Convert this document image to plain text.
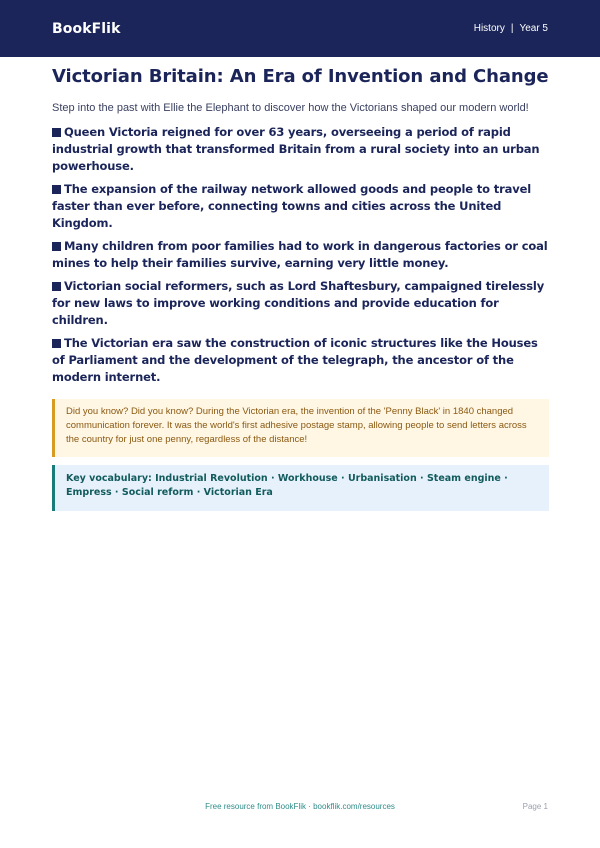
BookFlik	History | Year 5
Victorian Britain: An Era of Invention and Change

Step into the past with Ellie the Elephant to discover how the Victorians shaped our modern world!

Queen Victoria reigned for over 63 years, overseeing a period of rapid industrial growth that transformed Britain from a rural society into an urban powerhouse.
The expansion of the railway network allowed goods and people to travel faster than ever before, connecting towns and cities across the United Kingdom.
Many children from poor families had to work in dangerous factories or coal mines to help their families survive, earning very little money.
Victorian social reformers, such as Lord Shaftesbury, campaigned tirelessly for new laws to improve working conditions and provide education for children.
The Victorian era saw the construction of iconic structures like the Houses of Parliament and the development of the telegraph, the ancestor of the modern internet.
Did you know? Did you know? During the Victorian era, the invention of the 'Penny Black' in 1840 changed communication forever. It was the world's first adhesive postage stamp, allowing people to send letters across the country for just one penny, regardless of the distance!
Key vocabulary: Industrial Revolution · Workhouse · Urbanisation · Steam engine · Empress · Social reform · Victorian Era
Free resource from BookFlik · bookflik.com/resources	Page 1
